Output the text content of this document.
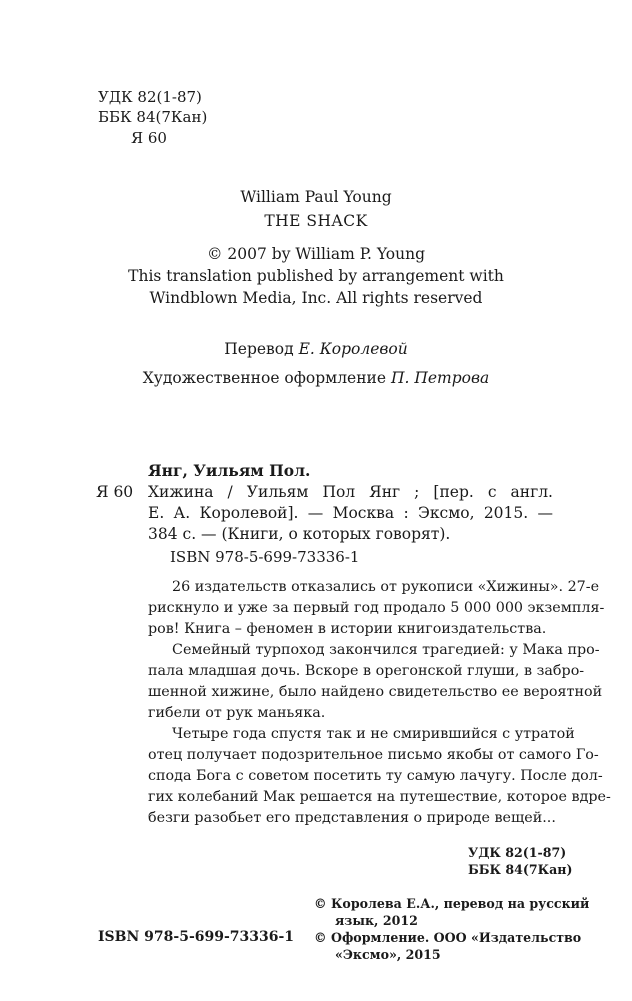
УДК 82(1-87)
ББК 84(7Кан)
Я 60
William Paul Young
THE SHACK
© 2007 by William P. Young
This translation published by arrangement with
Windblown Media, Inc. All rights reserved
Перевод Е. Королевой
Художественное оформление П. Петрова
Янг, Уильям Пол.
Я 60 Хижина / Уильям Пол Янг ; [пер. с англ.
Е. А. Королевой]. — Москва : Эксмо, 2015. —
384 с. — (Книги, о которых говорят).
ISBN 978-5-699-73336-1
26 издательств отказались от рукописи «Хижины». 27-е
рискнуло и уже за первый год продало 5 000 000 экземпля-
ров! Книга – феномен в истории книгоиздательства.
Семейный турпоход закончился трагедией: у Мака про-
пала младшая дочь. Вскоре в орегонской глуши, в забро-
шенной хижине, было найдено свидетельство ее вероятной
гибели от рук маньяка.
Четыре года спустя так и не смирившийся с утратой
отец получает подозрительное письмо якобы от самого Го-
спода Бога с советом посетить ту самую лачугу. После дол-
гих колебаний Мак решается на путешествие, которое вдре-
безги разобьет его представления о природе вещей...
УДК 82(1-87)
ББК 84(7Кан)
© Королева Е.А., перевод на русский
язык, 2012
© Оформление. ООО «Издательство
«Эксмо», 2015
ISBN 978-5-699-73336-1
